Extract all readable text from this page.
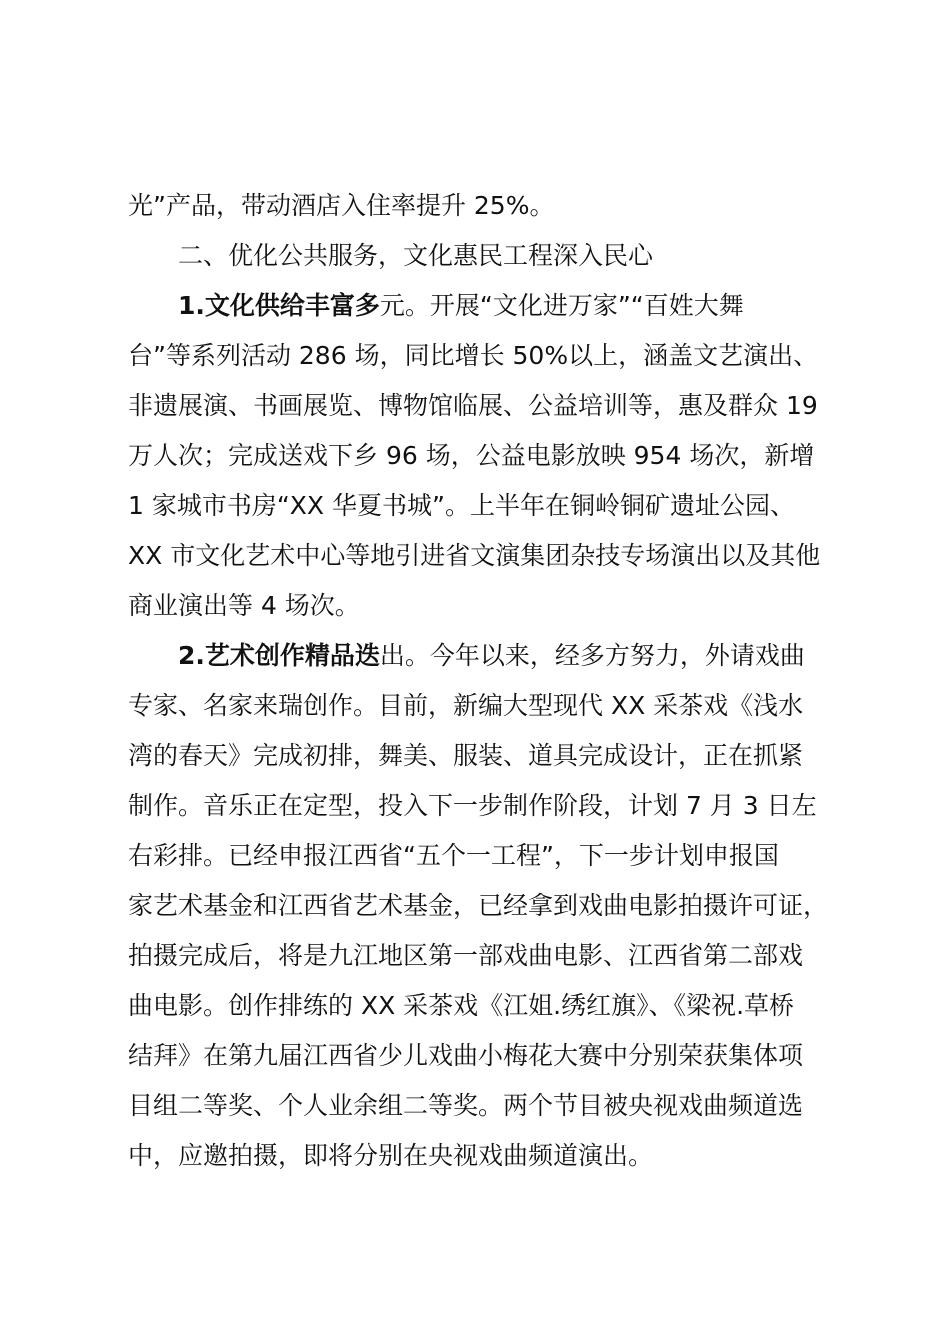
光”产品，带动酒店入住率提升 25%。
二、优化公共服务，文化惠民工程深入民心
1.文化供给丰富多元。开展“文化进万家”“百姓大舞
台”等系列活动 286 场，同比增长 50%以上，涵盖文艺演出、
非遗展演、书画展览、博物馆临展、公益培训等，惠及群众 19
万人次；完成送戏下乡 96 场，公益电影放映 954 场次，新增
1 家城市书房“XX 华夏书城”。上半年在铜岭铜矿遗址公园、
XX 市文化艺术中心等地引进省文演集团杂技专场演出以及其他
商业演出等 4 场次。
2.艺术创作精品迭出。今年以来，经多方努力，外请戏曲
专家、名家来瑞创作。目前，新编大型现代 XX 采茶戏《浅水
湾的春天》完成初排，舞美、服装、道具完成设计，正在抓紧
制作。音乐正在定型，投入下一步制作阶段，计划 7 月 3 日左
右彩排。已经申报江西省“五个一工程”，下一步计划申报国
家艺术基金和江西省艺术基金，已经拿到戏曲电影拍摄许可证，
拍摄完成后，将是九江地区第一部戏曲电影、江西省第二部戏
曲电影。创作排练的 XX 采茶戏《江姐.绣红旗》、《梁祝.草桥
结拜》在第九届江西省少儿戏曲小梅花大赛中分别荣获集体项
目组二等奖、个人业余组二等奖。两个节目被央视戏曲频道选
中，应邀拍摄，即将分别在央视戏曲频道演出。
